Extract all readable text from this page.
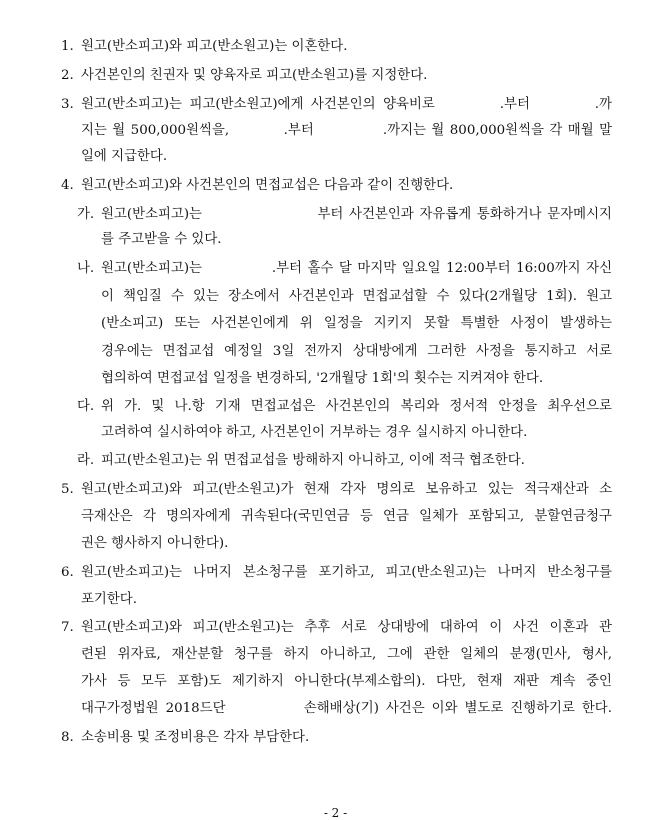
1. 원고(반소피고)와 피고(반소원고)는 이혼한다.
2. 사건본인의 친권자 및 양육자로 피고(반소원고)를 지정한다.
3. 원고(반소피고)는 피고(반소원고)에게 사건본인의 양육비로 　　　 .부터 　　　 .까
지는 월 500,000원씩을, 　　　 .부터 　　　　 .까지는 월 800,000원씩을 각 매월 말
일에 지급한다.
4. 원고(반소피고)와 사건본인의 면접교섭은 다음과 같이 진행한다.
가. 원고(반소피고)는 　　　　　　　 부터 사건본인과 자유롭게 통화하거나 문자메시지
를 주고받을 수 있다.
나. 원고(반소피고)는 　　　　 .부터 홀수 달 마지막 일요일 12:00부터 16:00까지 자신
이 책임질 수 있는 장소에서 사건본인과 면접교섭할 수 있다(2개월당 1회). 원고
(반소피고) 또는 사건본인에게 위 일정을 지키지 못할 특별한 사정이 발생하는
경우에는 면접교섭 예정일 3일 전까지 상대방에게 그러한 사정을 통지하고 서로
협의하여 면접교섭 일정을 변경하되, '2개월당 1회'의 횟수는 지켜져야 한다.
다. 위 가. 및 나.항 기재 면접교섭은 사건본인의 복리와 정서적 안정을 최우선으로
고려하여 실시하여야 하고, 사건본인이 거부하는 경우 실시하지 아니한다.
라. 피고(반소원고)는 위 면접교섭을 방해하지 아니하고, 이에 적극 협조한다.
5. 원고(반소피고)와 피고(반소원고)가 현재 각자 명의로 보유하고 있는 적극재산과 소
극재산은 각 명의자에게 귀속된다(국민연금 등 연금 일체가 포함되고, 분할연금청구
권은 행사하지 아니한다).
6. 원고(반소피고)는 나머지 본소청구를 포기하고, 피고(반소원고)는 나머지 반소청구를
포기한다.
7. 원고(반소피고)와 피고(반소원고)는 추후 서로 상대방에 대하여 이 사건 이혼과 관
련된 위자료, 재산분할 청구를 하지 아니하고, 그에 관한 일체의 분쟁(민사, 형사,
가사 등 모두 포함)도 제기하지 아니한다(부제소합의). 다만, 현재 재판 계속 중인
대구가정법원 2018드단 　　　　 손해배상(기) 사건은 이와 별도로 진행하기로 한다.
8. 소송비용 및 조정비용은 각자 부담한다.
- 2 -
